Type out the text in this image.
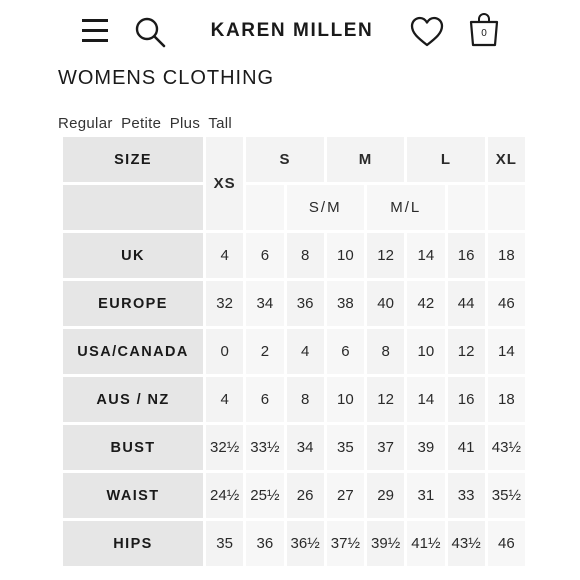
KAREN MILLEN	0
WOMENS CLOTHING
Regular Petite Plus Tall
SIZE	XS	S		M		L		XL
			S/M		M/L			
UK	4	6	8	10	12	14	16	18
EUROPE	32	34	36	38	40	42	44	46
USA/CANADA	0	2	4	6	8	10	12	14
AUS / NZ	4	6	8	10	12	14	16	18
BUST	32½	33½	34	35	37	39	41	43½
WAIST	24½	25½	26	27	29	31	33	35½
HIPS	35	36	36½	37½	39½	41½	43½	46
